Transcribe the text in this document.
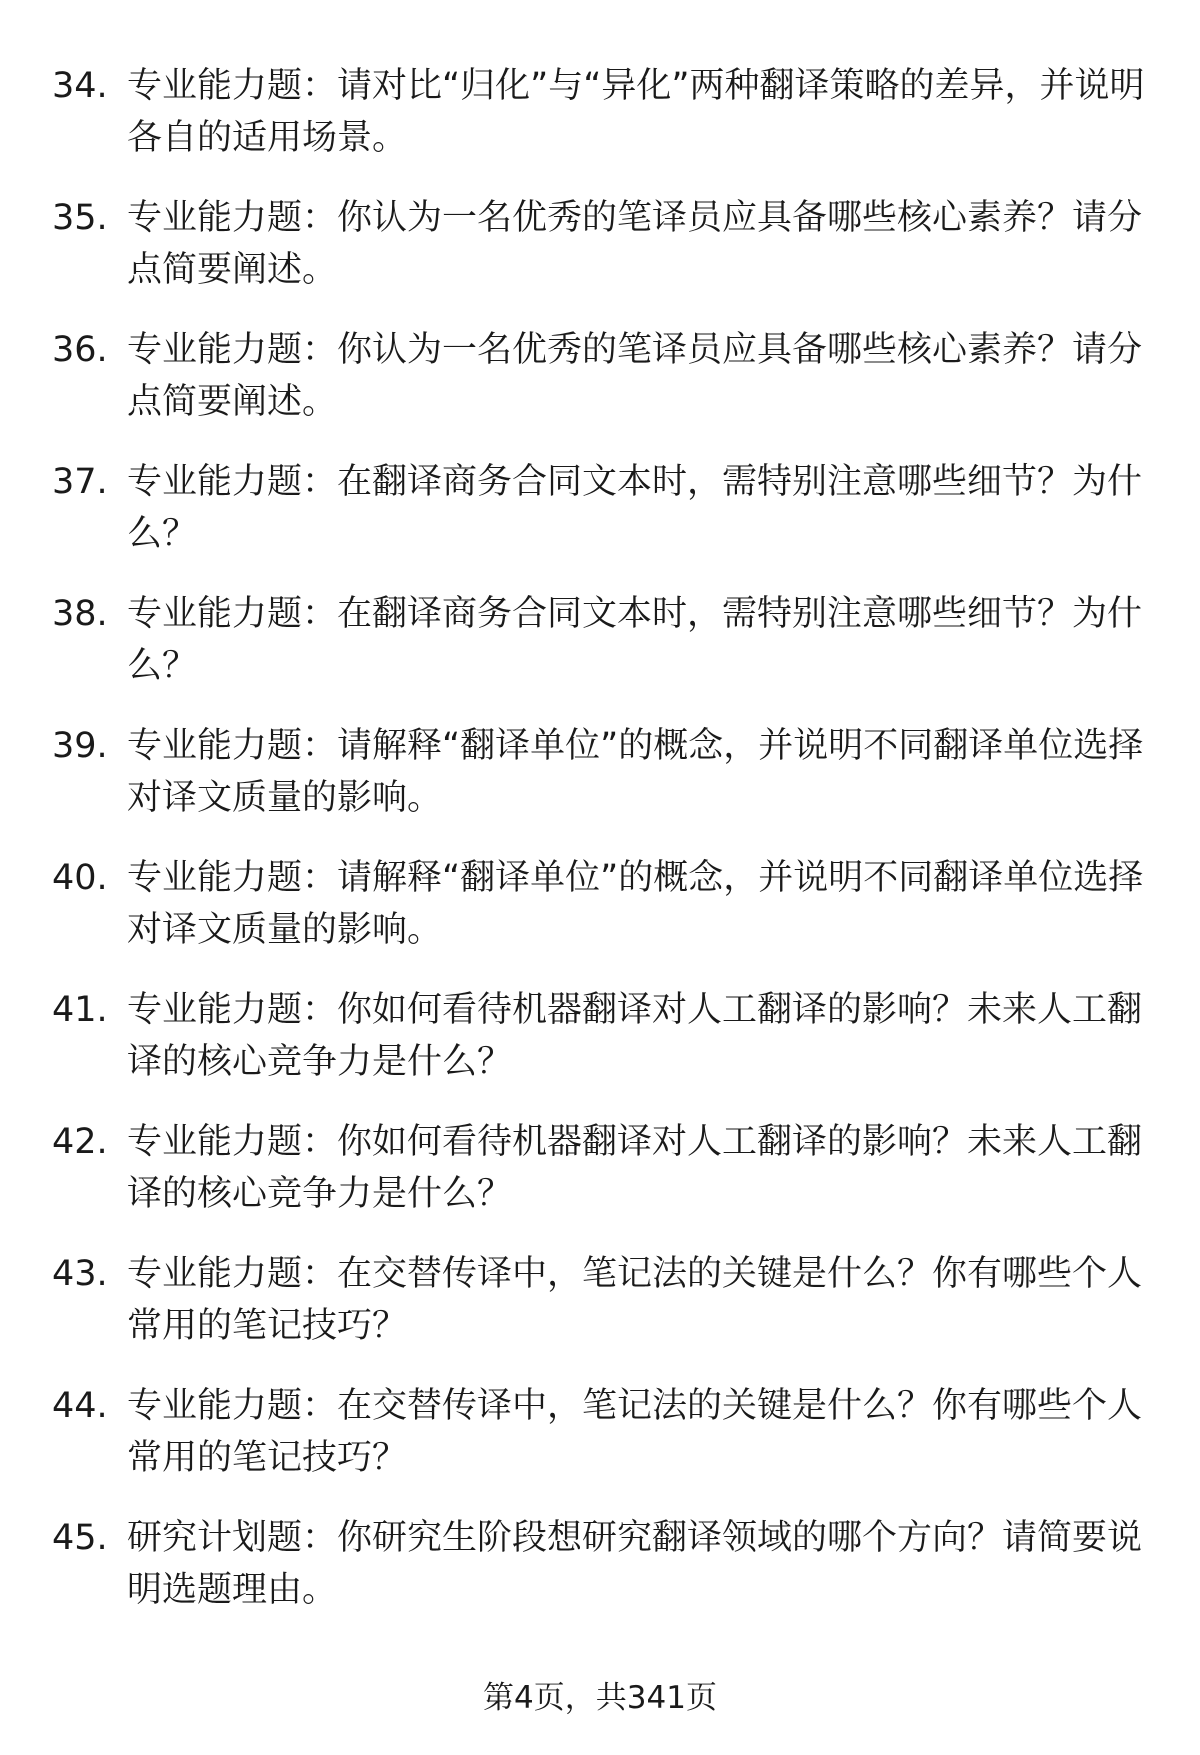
34. 专业能力题：请对比“归化”与“异化”两种翻译策略的差异，并说明各自的适用场景。
35. 专业能力题：你认为一名优秀的笔译员应具备哪些核心素养？请分点简要阐述。
36. 专业能力题：你认为一名优秀的笔译员应具备哪些核心素养？请分点简要阐述。
37. 专业能力题：在翻译商务合同文本时，需特别注意哪些细节？为什么？
38. 专业能力题：在翻译商务合同文本时，需特别注意哪些细节？为什么？
39. 专业能力题：请解释“翻译单位”的概念，并说明不同翻译单位选择对译文质量的影响。
40. 专业能力题：请解释“翻译单位”的概念，并说明不同翻译单位选择对译文质量的影响。
41. 专业能力题：你如何看待机器翻译对人工翻译的影响？未来人工翻译的核心竞争力是什么？
42. 专业能力题：你如何看待机器翻译对人工翻译的影响？未来人工翻译的核心竞争力是什么？
43. 专业能力题：在交替传译中，笔记法的关键是什么？你有哪些个人常用的笔记技巧？
44. 专业能力题：在交替传译中，笔记法的关键是什么？你有哪些个人常用的笔记技巧？
45. 研究计划题：你研究生阶段想研究翻译领域的哪个方向？请简要说明选题理由。
第4页，共341页
